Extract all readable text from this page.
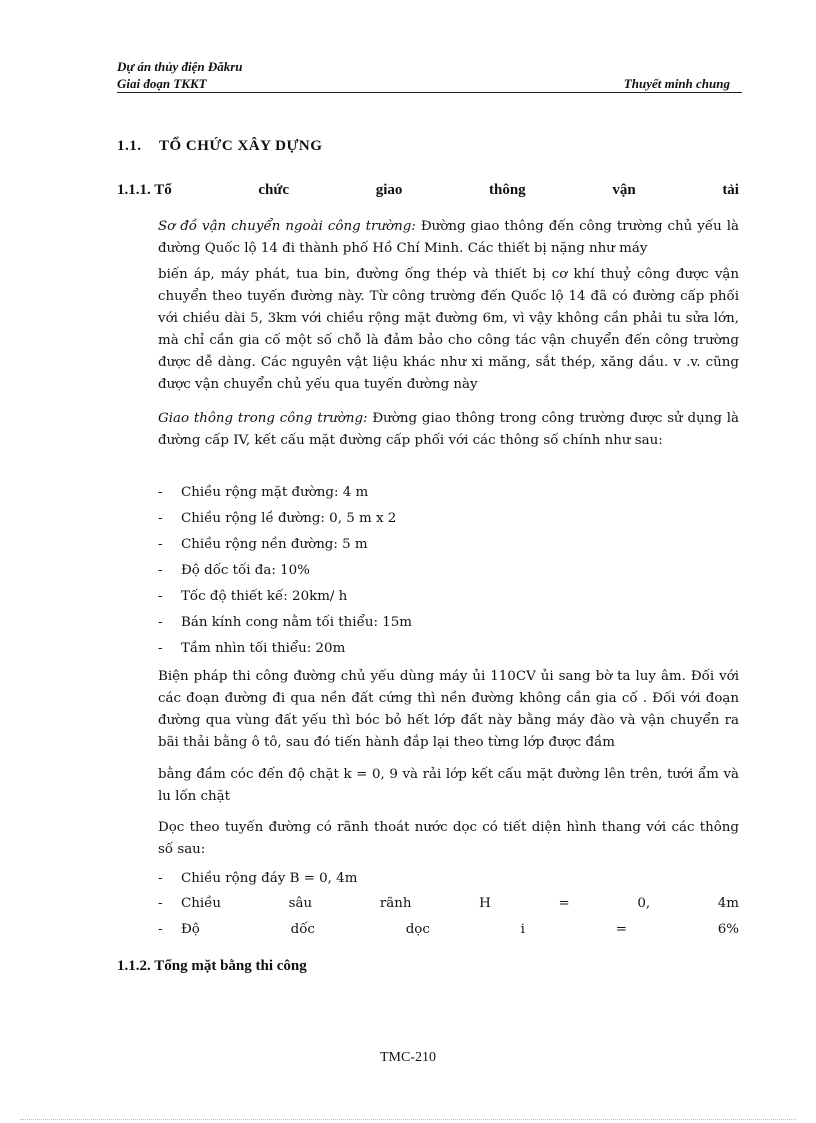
Dự án thủy điện Đăkru
Giai đoạn TKKT	Thuyết minh chung
1.1. TỔ CHỨC XÂY DỰNG
1.1.1. Tổ	chức	giao	thông	vận	tải
Sơ đồ vận chuyển ngoài công trường: Đường giao thông đến công trường chủ yếu là đường Quốc lộ 14 đi thành phố Hồ Chí Minh. Các thiết bị nặng như máy
biến áp, máy phát, tua bin, đường ống thép và thiết bị cơ khí thuỷ công được vận chuyển theo tuyến đường này. Từ công trường đến Quốc lộ 14 đã có đường cấp phối với chiều dài 5, 3km với chiều rộng mặt đường 6m, vì vậy không cần phải tu sửa lớn, mà chỉ cần gia cố một số chỗ là đảm bảo cho công tác vận chuyển đến công trường được dễ dàng. Các nguyên vật liệu khác như xi măng, sắt thép, xăng dầu. v .v. cũng được vận chuyển chủ yếu qua tuyến đường này
Giao thông trong công trường: Đường giao thông trong công trường được sử dụng là đường cấp IV, kết cấu mặt đường cấp phối với các thông số chính như sau:
- Chiều rộng mặt đường: 4 m
- Chiều rộng lề đường: 0, 5 m x 2
- Chiều rộng nền đường: 5 m
- Độ dốc tối đa: 10%
- Tốc độ thiết kế: 20km/ h
- Bán kính cong nằm tối thiểu: 15m
- Tầm nhìn tối thiểu: 20m
Biện pháp thi công đường chủ yếu dùng máy ủi 110CV ủi sang bờ ta luy âm. Đối với các đoạn đường đi qua nền đất cứng thì nền đường không cần gia cố . Đối với đoạn đường qua vùng đất yếu thì bóc bỏ hết lớp đất này bằng máy đào và vận chuyển ra bãi thải bằng ô tô, sau đó tiến hành đắp lại theo từng lớp được đầm
bằng đầm cóc đến độ chặt k = 0, 9 và rải lớp kết cấu mặt đường lên trên, tưới ẩm và lu lốn chặt
Dọc theo tuyến đường có rãnh thoát nước dọc có tiết diện hình thang với các thông số sau:
- Chiều rộng đáy B = 0, 4m
-	Chiều	sâu	rãnh	H	=	0,	4m
-	Độ	dốc	dọc	i	=	6%
1.1.2. Tổng mặt bằng thi công
TMC-210
